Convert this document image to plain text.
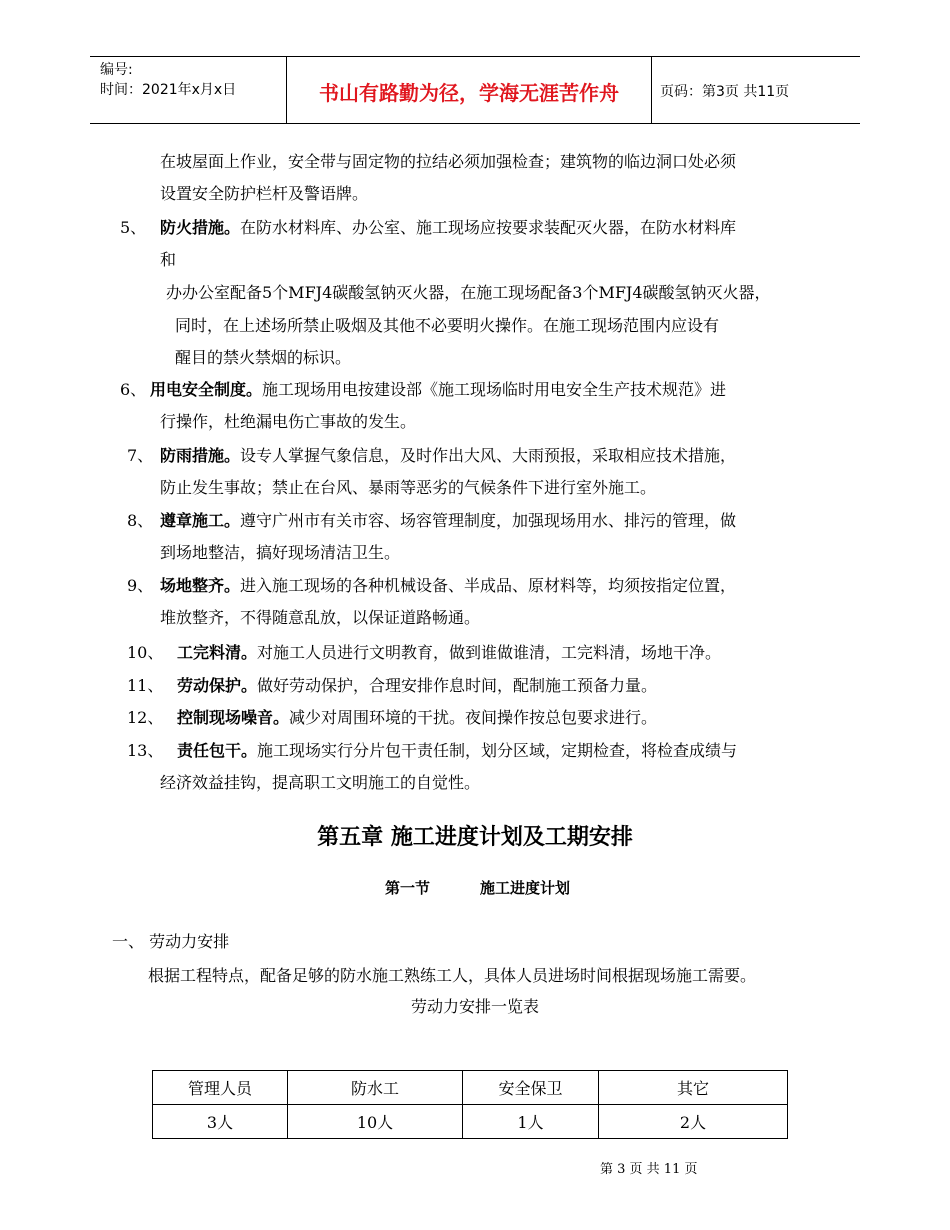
编号:
时间：2021年x月x日	书山有路勤为径，学海无涯苦作舟	页码：第3页 共11页
在坡屋面上作业，安全带与固定物的拉结必须加强检查；建筑物的临边洞口处必须
设置安全防护栏杆及警语牌。
5、 防火措施。在防水材料库、办公室、施工现场应按要求装配灭火器，在防水材料库
和
办办公室配备5个MFJ4碳酸氢钠灭火器，在施工现场配备3个MFJ4碳酸氢钠灭火器，
同时，在上述场所禁止吸烟及其他不必要明火操作。在施工现场范围内应设有
醒目的禁火禁烟的标识。
6、 用电安全制度。施工现场用电按建设部《施工现场临时用电安全生产技术规范》进
行操作，杜绝漏电伤亡事故的发生。
7、 防雨措施。设专人掌握气象信息，及时作出大风、大雨预报，采取相应技术措施，
防止发生事故；禁止在台风、暴雨等恶劣的气候条件下进行室外施工。
8、 遵章施工。遵守广州市有关市容、场容管理制度，加强现场用水、排污的管理，做
到场地整洁，搞好现场清洁卫生。
9、 场地整齐。进入施工现场的各种机械设备、半成品、原材料等，均须按指定位置，
堆放整齐，不得随意乱放，以保证道路畅通。
10、 工完料清。对施工人员进行文明教育，做到谁做谁清，工完料清，场地干净。
11、 劳动保护。做好劳动保护，合理安排作息时间，配制施工预备力量。
12、 控制现场噪音。减少对周围环境的干扰。夜间操作按总包要求进行。
13、 责任包干。施工现场实行分片包干责任制，划分区域，定期检查，将检查成绩与
经济效益挂钩，提高职工文明施工的自觉性。
第五章 施工进度计划及工期安排
第一节	施工进度计划
一、 劳动力安排
根据工程特点，配备足够的防水施工熟练工人，具体人员进场时间根据现场施工需要。
劳动力安排一览表
管理人员	防水工	安全保卫	其它
3人	10人	1人	2人
第 3 页 共 11 页
